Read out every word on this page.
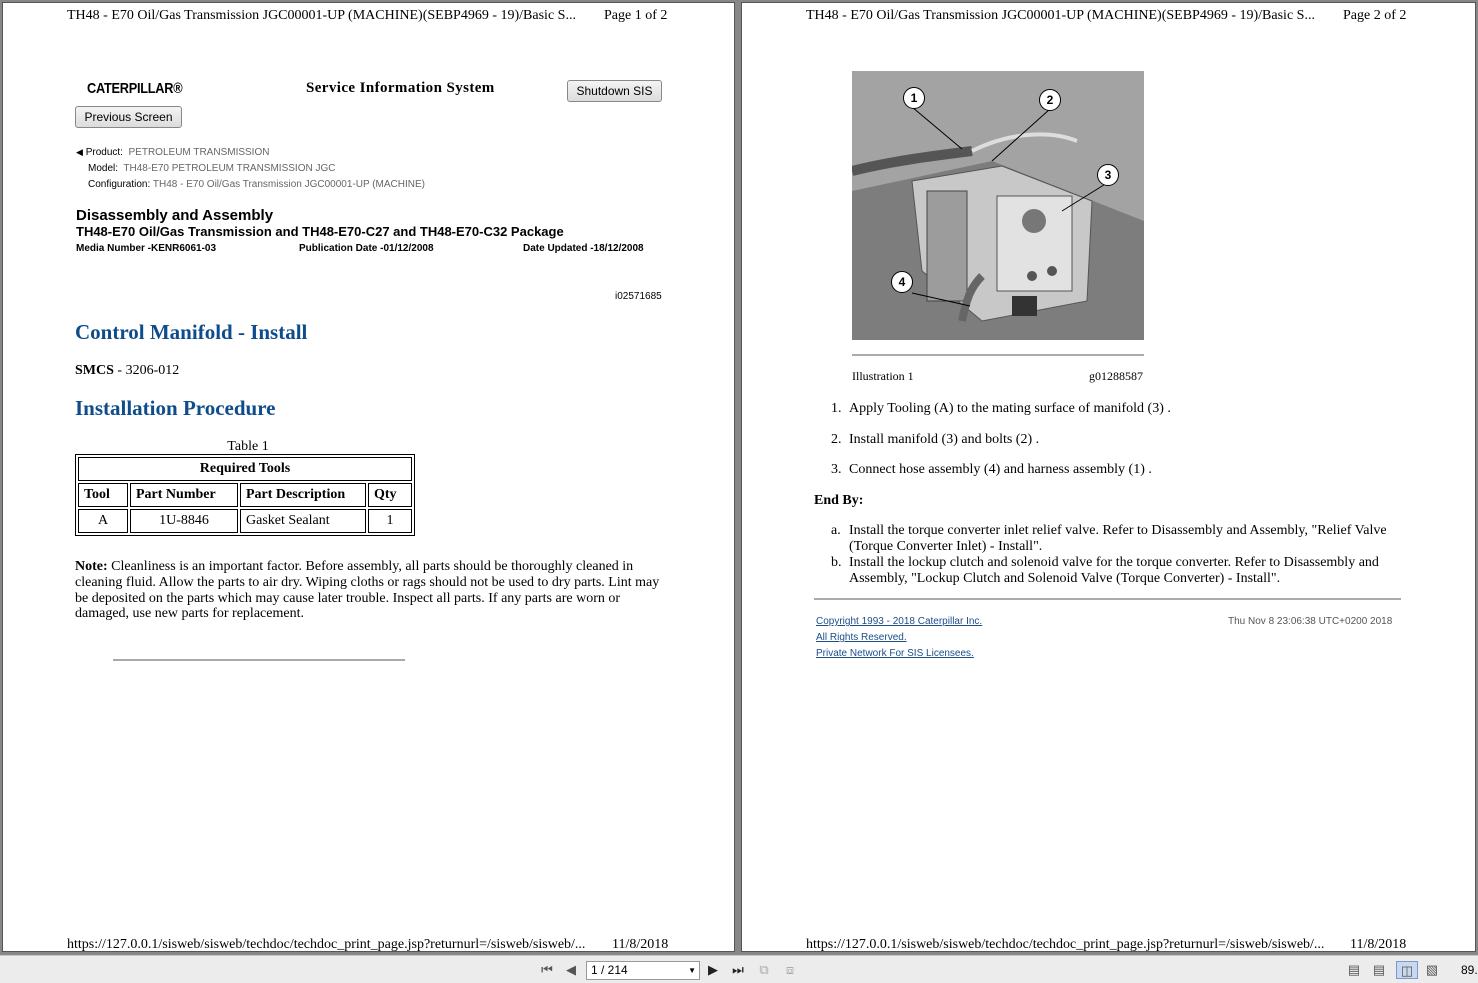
TH48 - E70 Oil/Gas Transmission JGC00001-UP (MACHINE)(SEBP4969 - 19)/Basic S... Page 1 of 2
CATERPILLAR®	Service Information System	Shutdown SIS
Previous Screen
◀ Product: PETROLEUM TRANSMISSION
Model: TH48-E70 PETROLEUM TRANSMISSION JGC
Configuration: TH48 - E70 Oil/Gas Transmission JGC00001-UP (MACHINE)
Disassembly and Assembly
TH48-E70 Oil/Gas Transmission and TH48-E70-C27 and TH48-E70-C32 Package
Media Number -KENR6061-03	Publication Date -01/12/2008	Date Updated -18/12/2008
i02571685
Control Manifold - Install
SMCS - 3206-012
Installation Procedure
Table 1
Required Tools			
Tool	Part Number	Part Description	Qty
A	1U-8846	Gasket Sealant	1
Note: Cleanliness is an important factor. Before assembly, all parts should be thoroughly cleaned in cleaning fluid. Allow the parts to air dry. Wiping cloths or rags should not be used to dry parts. Lint may be deposited on the parts which may cause later trouble. Inspect all parts. If any parts are worn or damaged, use new parts for replacement.
https://127.0.0.1/sisweb/sisweb/techdoc/techdoc_print_page.jsp?returnurl=/sisweb/sisweb/... 11/8/2018
TH48 - E70 Oil/Gas Transmission JGC00001-UP (MACHINE)(SEBP4969 - 19)/Basic S... Page 2 of 2
1	2
3
4
Illustration 1	g01288587
1. Apply Tooling (A) to the mating surface of manifold (3) .
2. Install manifold (3) and bolts (2) .
3. Connect hose assembly (4) and harness assembly (1) .
End By:
a. Install the torque converter inlet relief valve. Refer to Disassembly and Assembly, "Relief Valve (Torque Converter Inlet) - Install".
b. Install the lockup clutch and solenoid valve for the torque converter. Refer to Disassembly and Assembly, "Lockup Clutch and Solenoid Valve (Torque Converter) - Install".
Copyright 1993 - 2018 Caterpillar Inc.
All Rights Reserved.
Private Network For SIS Licensees.
Thu Nov 8 23:06:38 UTC+0200 2018
https://127.0.0.1/sisweb/sisweb/techdoc/techdoc_print_page.jsp?returnurl=/sisweb/sisweb/... 11/8/2018
⏮	◀	1 / 214	▼ ▶	⏭	⧉	⧈	▤ ▤	◫ ▧ 89.
